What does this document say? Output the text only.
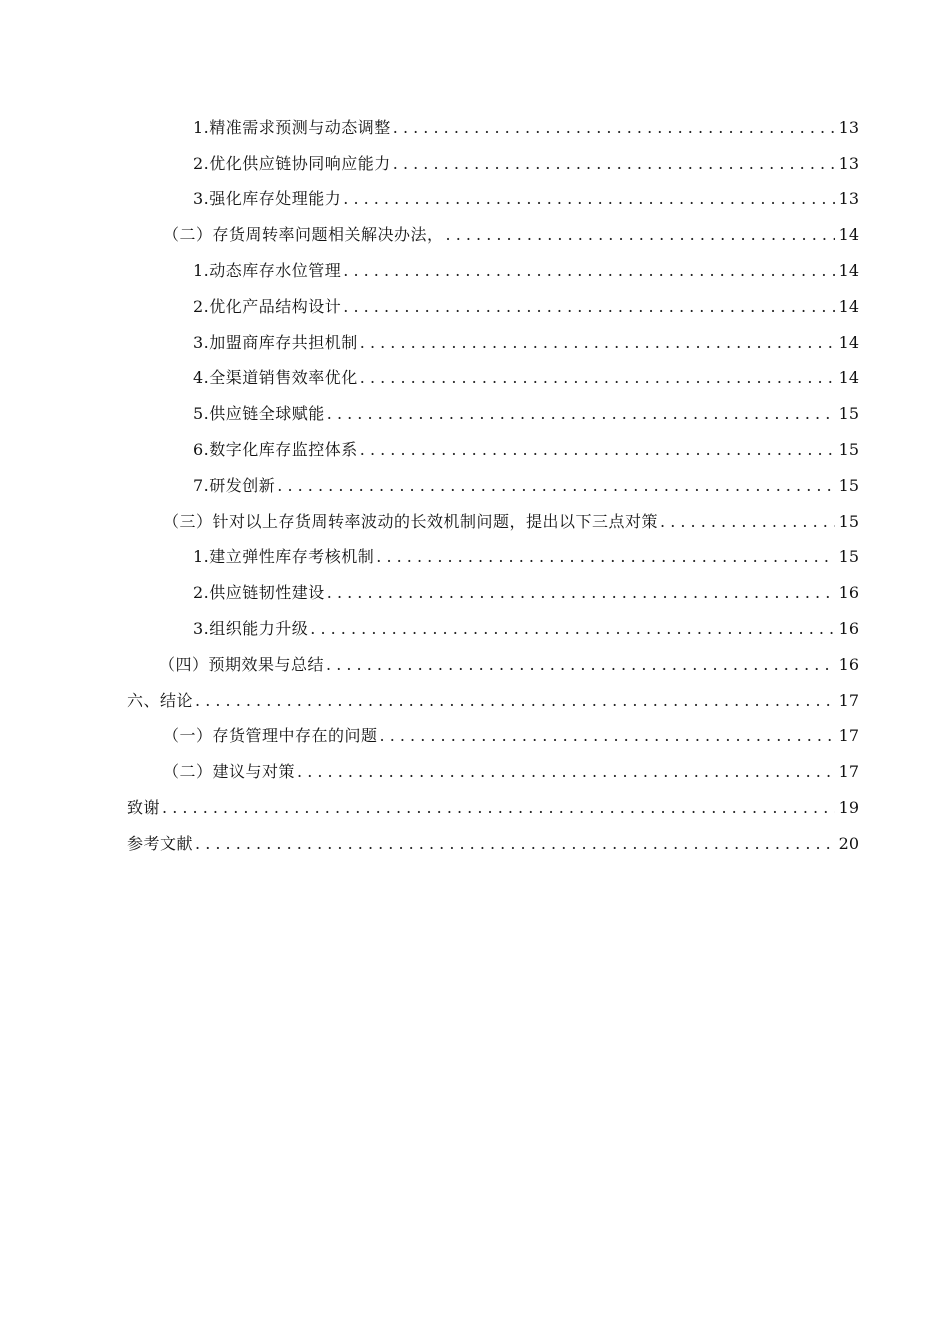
1.精准需求预测与动态调整 . . .	13
2.优化供应链协同响应能力 . . .	13
3.强化库存处理能力 . . .	13
（二）存货周转率问题相关解决办法， . . .	14
1.动态库存水位管理 . . .	14
2.优化产品结构设计 . . .	14
3.加盟商库存共担机制 . . .	14
4.全渠道销售效率优化 . . .	14
5.供应链全球赋能 . . .	15
6.数字化库存监控体系 . . .	15
7.研发创新 . . .	15
（三）针对以上存货周转率波动的长效机制问题，提出以下三点对策 . . .	15
1.建立弹性库存考核机制 . . .	15
2.供应链韧性建设 . . .	16
3.组织能力升级 . . .	16
（四）预期效果与总结 . . .	16
六、结论 . . .	17
（一）存货管理中存在的问题 . . .	17
（二）建议与对策 . . .	17
致谢 . . .	19
参考文献 . . .	20
